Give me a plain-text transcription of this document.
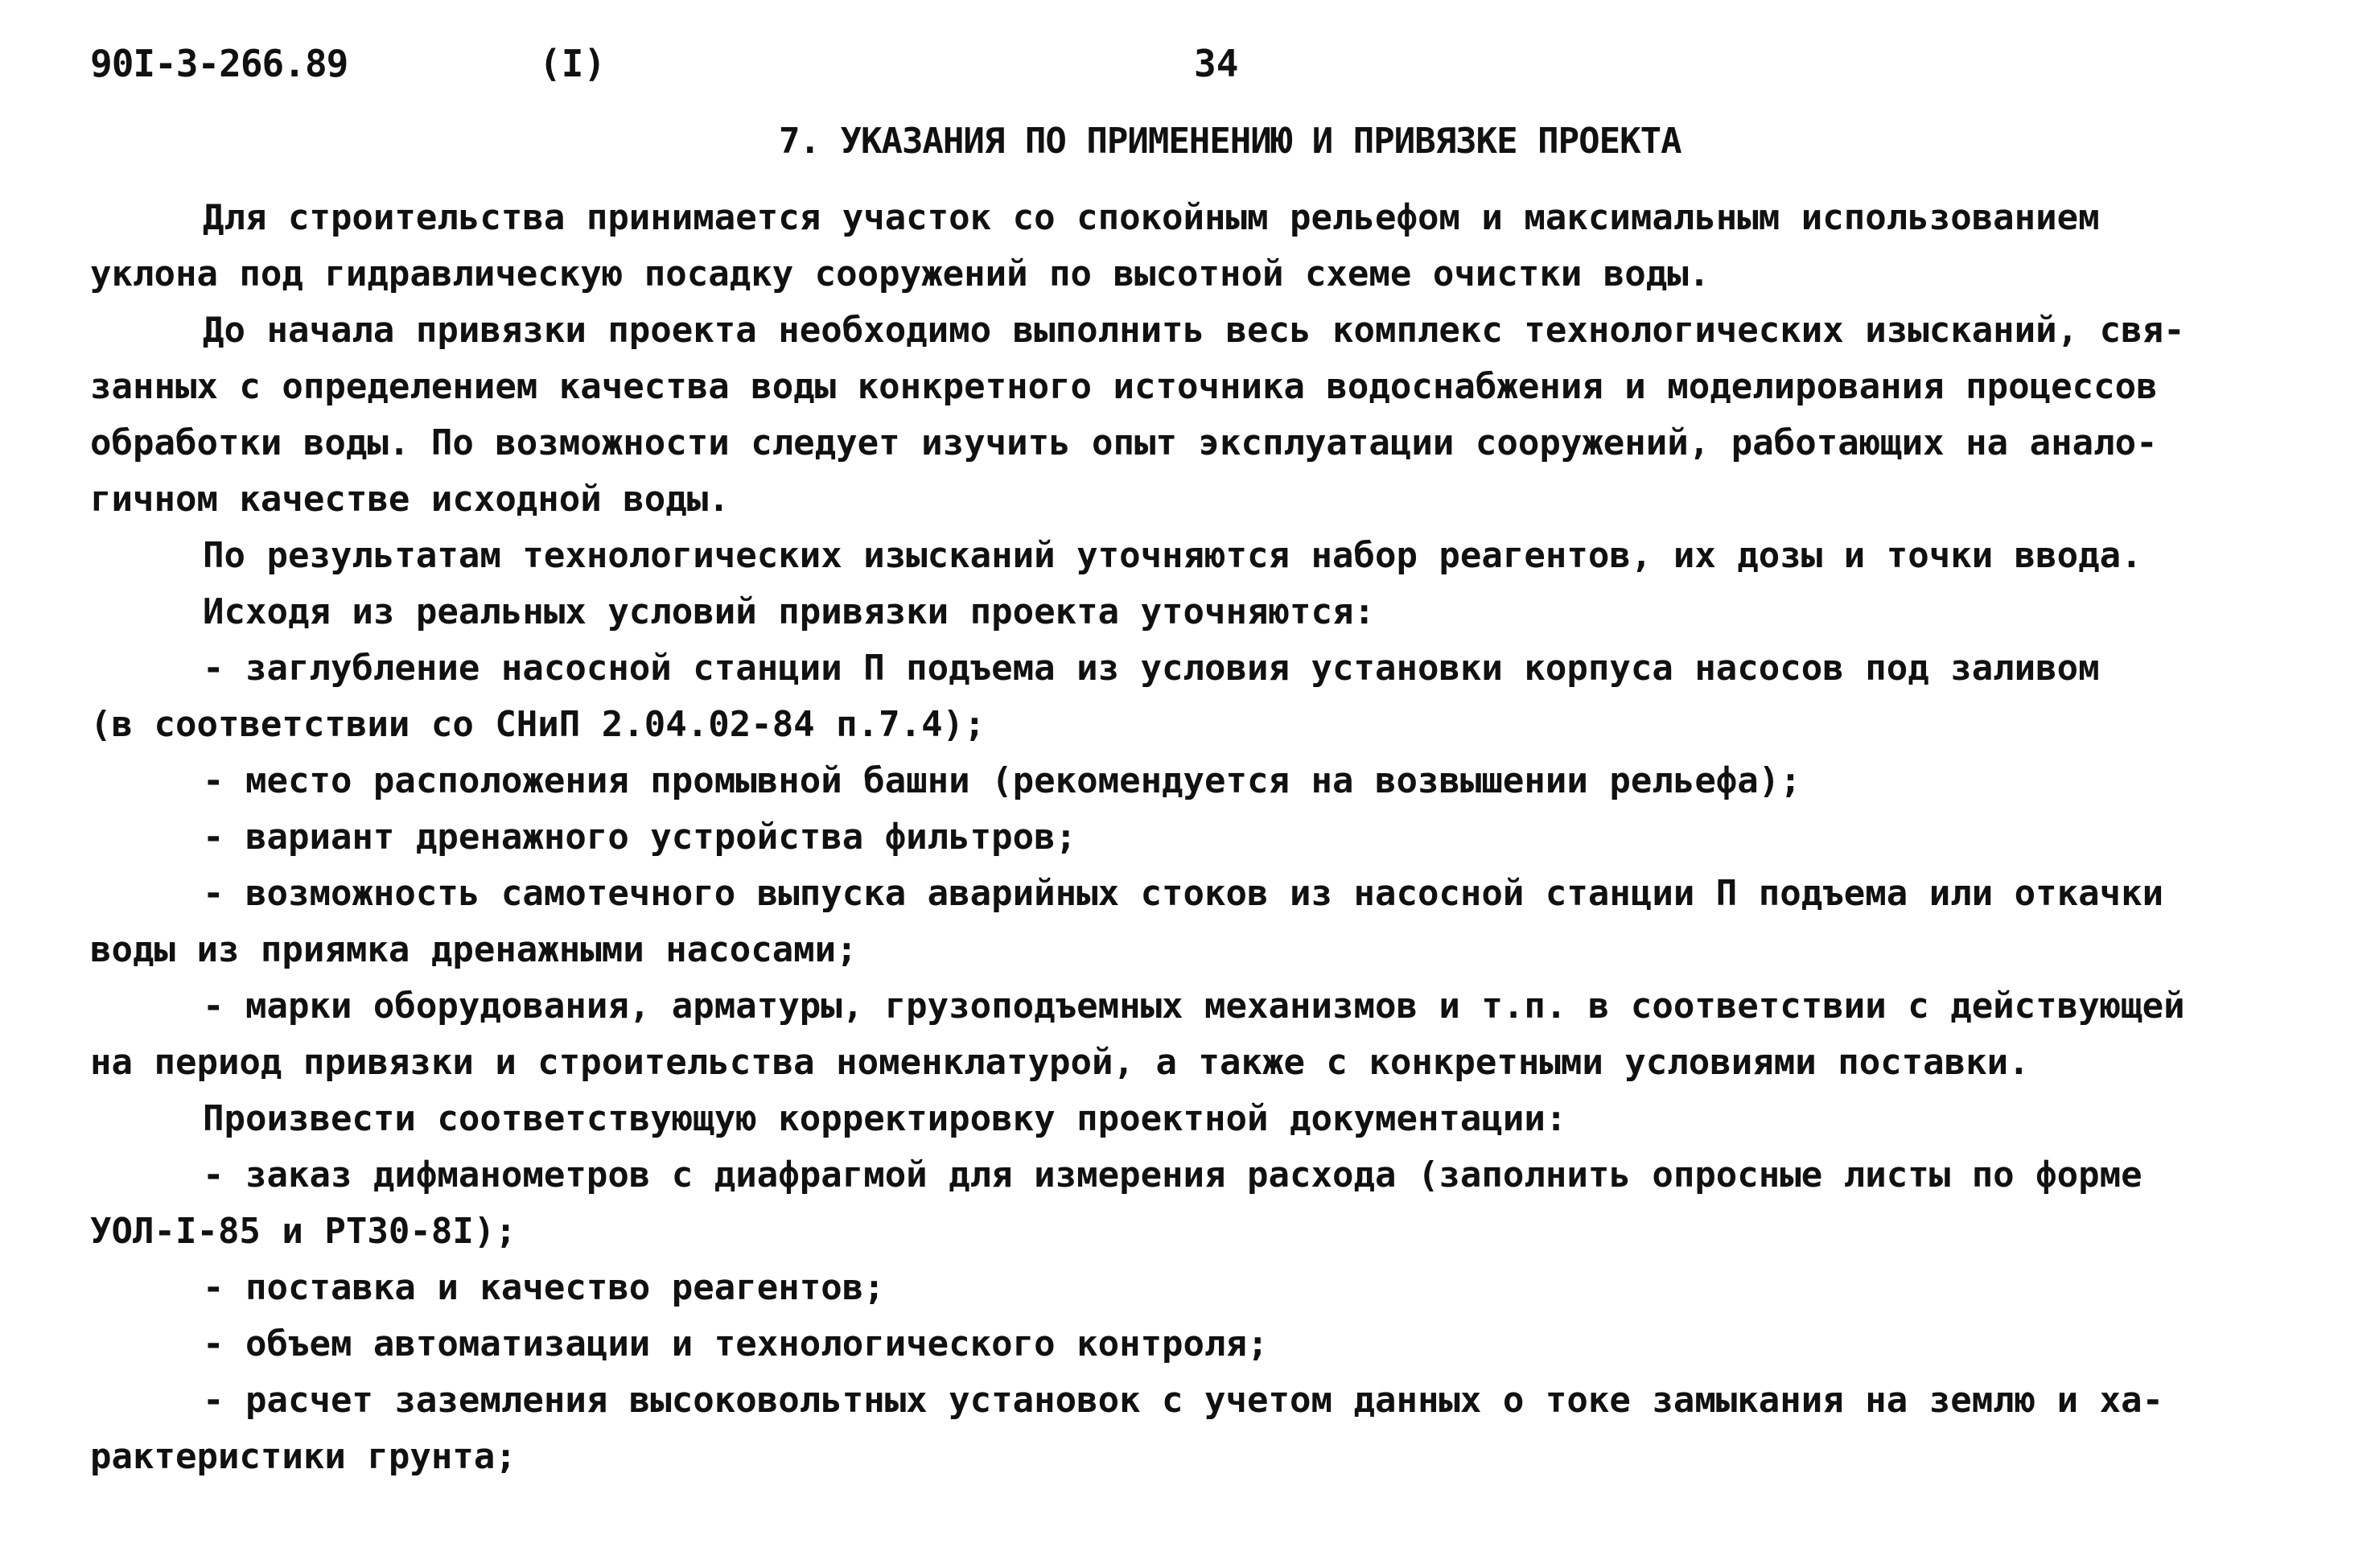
90I-3-266.89	(I)	34
7. УКАЗАНИЯ ПО ПРИМЕНЕНИЮ И ПРИВЯЗКЕ ПРОЕКТА
Для строительства принимается участок со спокойным рельефом и максимальным использованием
уклона под гидравлическую посадку сооружений по высотной схеме очистки воды.
До начала привязки проекта необходимо выполнить весь комплекс технологических изысканий, свя-
занных с определением качества воды конкретного источника водоснабжения и моделирования процессов
обработки воды. По возможности следует изучить опыт эксплуатации сооружений, работающих на анало-
гичном качестве исходной воды.
По результатам технологических изысканий уточняются набор реагентов, их дозы и точки ввода.
Исходя из реальных условий привязки проекта уточняются:
- заглубление насосной станции П подъема из условия установки корпуса насосов под заливом
(в соответствии со СНиП 2.04.02-84 п.7.4);
- место расположения промывной башни (рекомендуется на возвышении рельефа);
- вариант дренажного устройства фильтров;
- возможность самотечного выпуска аварийных стоков из насосной станции П подъема или откачки
воды из приямка дренажными насосами;
- марки оборудования, арматуры, грузоподъемных механизмов и т.п. в соответствии с действующей
на период привязки и строительства номенклатурой, а также с конкретными условиями поставки.
Произвести соответствующую корректировку проектной документации:
- заказ дифманометров с диафрагмой для измерения расхода (заполнить опросные листы по форме
УОЛ-I-85 и РТ30-8I);
- поставка и качество реагентов;
- объем автоматизации и технологического контроля;
- расчет заземления высоковольтных установок с учетом данных о токе замыкания на землю и ха-
рактеристики грунта;
